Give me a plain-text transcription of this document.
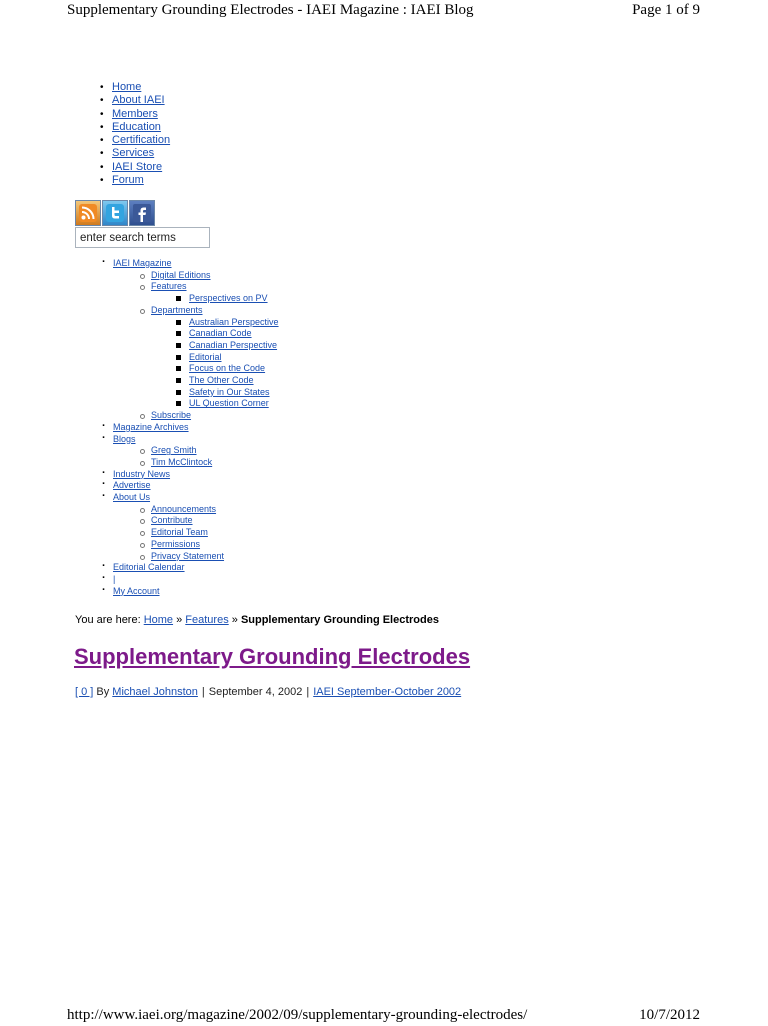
Supplementary Grounding Electrodes - IAEI Magazine : IAEI Blog	Page 1 of 9
• Home
• About IAEI
• Members
• Education
• Certification
• Services
• IAEI Store
• Forum
enter search terms
· IAEI Magazine
Digital Editions
Features
Perspectives on PV
Departments
Australian Perspective
Canadian Code
Canadian Perspective
Editorial
Focus on the Code
The Other Code
Safety in Our States
UL Question Corner
Subscribe
· Magazine Archives
· Blogs
Greg Smith
Tim McClintock
· Industry News
· Advertise
· About Us
Announcements
Contribute
Editorial Team
Permissions
Privacy Statement
· Editorial Calendar
· |
· My Account
You are here: Home » Features » Supplementary Grounding Electrodes
Supplementary Grounding Electrodes
[ 0 ] By Michael Johnston | September 4, 2002 | IAEI September-October 2002
http://www.iaei.org/magazine/2002/09/supplementary-grounding-electrodes/	10/7/2012
